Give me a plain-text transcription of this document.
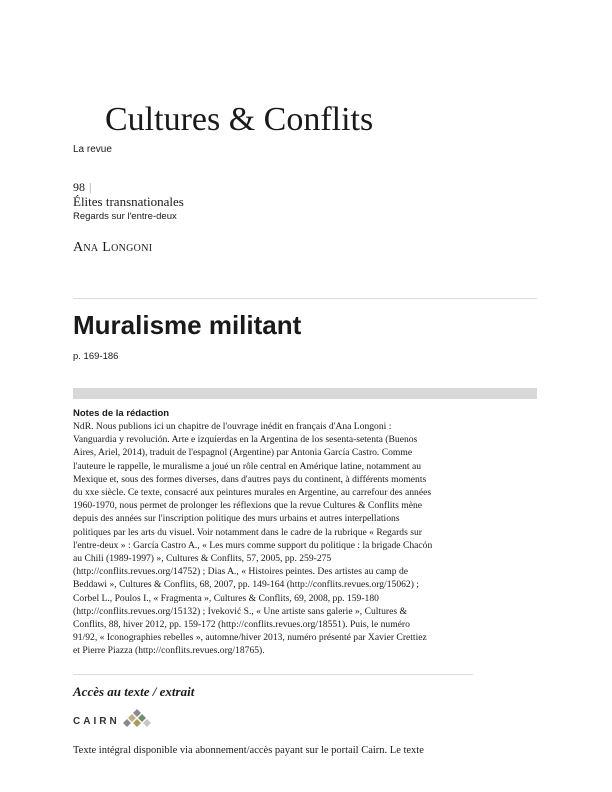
Cultures & Conflits
La revue
98 |
Élites transnationales
Regards sur l'entre-deux
Ana Longoni
Muralisme militant
p. 169-186
Notes de la rédaction
NdR. Nous publions ici un chapitre de l'ouvrage inédit en français d'Ana Longoni :
Vanguardia y revolución. Arte e izquierdas en la Argentina de los sesenta-setenta (Buenos
Aires, Ariel, 2014), traduit de l'espagnol (Argentine) par Antonia García Castro. Comme
l'auteure le rappelle, le muralisme a joué un rôle central en Amérique latine, notamment au
Mexique et, sous des formes diverses, dans d'autres pays du continent, à différents moments
du xxe siècle. Ce texte, consacré aux peintures murales en Argentine, au carrefour des années
1960-1970, nous permet de prolonger les réflexions que la revue Cultures & Conflits mène
depuis des années sur l'inscription politique des murs urbains et autres interpellations
politiques par les arts du visuel. Voir notamment dans le cadre de la rubrique « Regards sur
l'entre-deux » : García Castro A., « Les murs comme support du politique : la brigade Chacón
au Chili (1989-1997) », Cultures & Conflits, 57, 2005, pp. 259-275
(http://conflits.revues.org/14752) ; Dias A., « Histoires peintes. Des artistes au camp de
Beddawi », Cultures & Conflits, 68, 2007, pp. 149-164 (http://conflits.revues.org/15062) ;
Corbel L., Poulos I., « Fragmenta », Cultures & Conflits, 69, 2008, pp. 159-180
(http://conflits.revues.org/15132) ; Iveković S., « Une artiste sans galerie », Cultures &
Conflits, 88, hiver 2012, pp. 159-172 (http://conflits.revues.org/18551). Puis, le numéro
91/92, « Iconographies rebelles », automne/hiver 2013, numéro présenté par Xavier Crettiez
et Pierre Piazza (http://conflits.revues.org/18765).
Accès au texte / extrait
CAIRN
Texte intégral disponible via abonnement/accès payant sur le portail Cairn. Le texte
